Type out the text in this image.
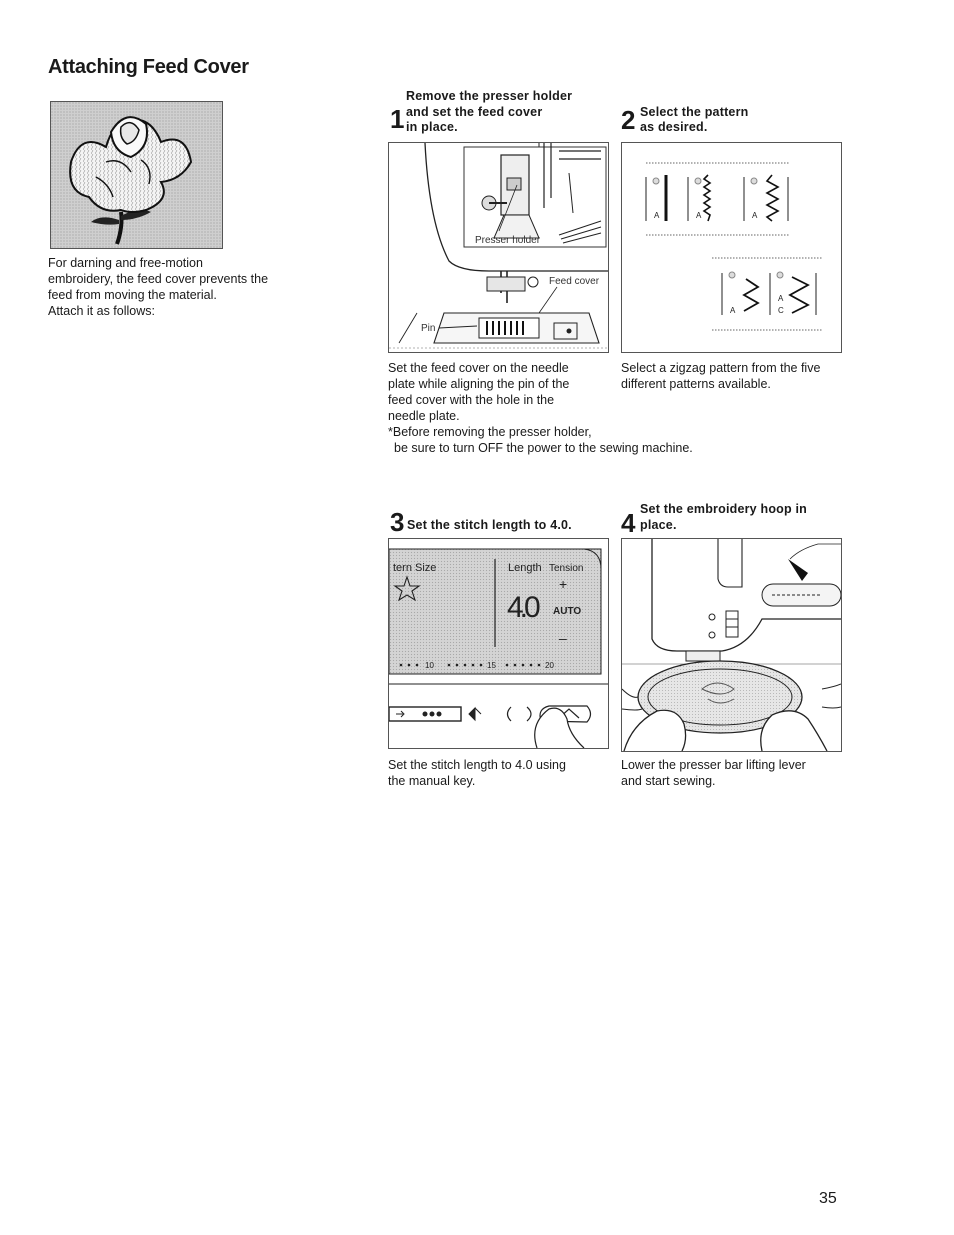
Attaching Feed Cover
For darning and free-motion
embroidery, the feed cover prevents the
feed from moving the material.
Attach it as follows:
Remove the presser holder
1 and set the feed cover
in place.
Presser holder
Feed cover
Pin
Set the feed cover on the needle
plate while aligning the pin of the
feed cover with the hole in the
needle plate.
*Before removing the presser holder,
be sure to turn OFF the power to the sewing machine.
2 Select the pattern
as desired.
A	A	A
A
A
C
Select a zigzag pattern from the five
different patterns available.
3 Set the stitch length to 4.0.
tern Size	Length Tension
+
4.0	AUTO
–
10	15	20
Set the stitch length to 4.0 using
the manual key.
Set the embroidery hoop in
4 place.
Lower the presser bar lifting lever
and start sewing.
35
